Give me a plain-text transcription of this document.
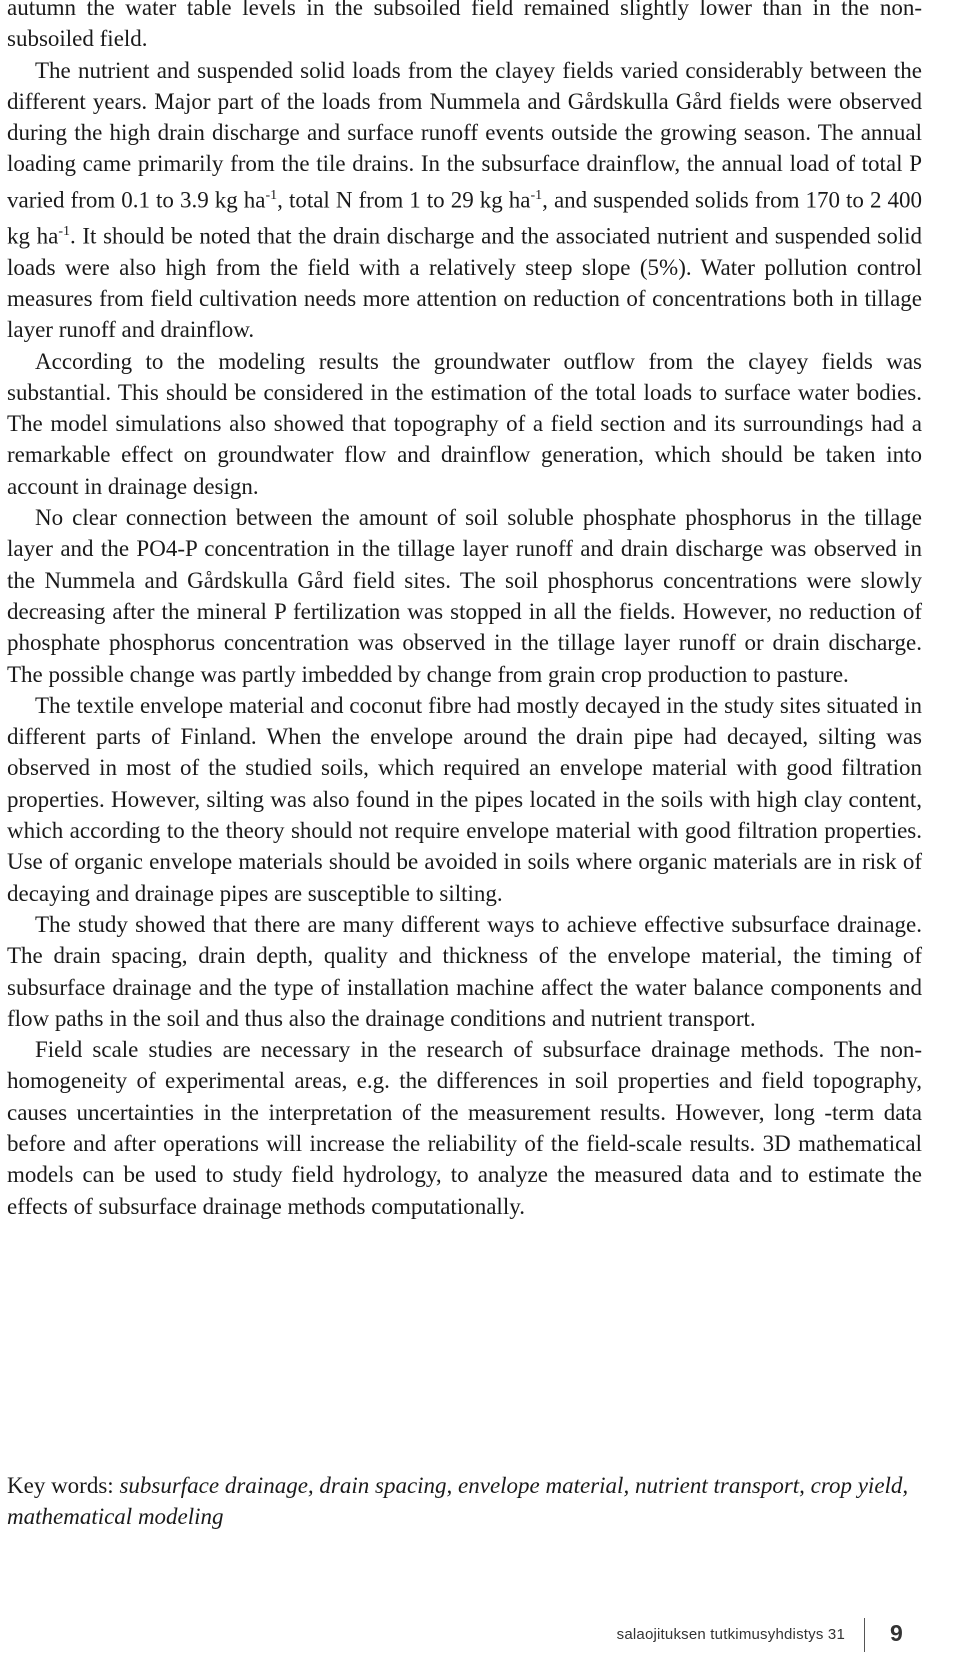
autumn the water table levels in the subsoiled field remained slightly lower than in the non-subsoiled field.

The nutrient and suspended solid loads from the clayey fields varied considerably between the different years. Major part of the loads from Nummela and Gårdskulla Gård fields were observed during the high drain discharge and surface runoff events outside the growing season. The annual loading came primarily from the tile drains. In the subsurface drainflow, the annual load of total P varied from 0.1 to 3.9 kg $ha^{-1}$, total N from 1 to 29 kg $ha^{-1}$, and suspended solids from 170 to 2 400 kg $ha^{-1}$. It should be noted that the drain discharge and the associated nutrient and suspended solid loads were also high from the field with a relatively steep slope (5%). Water pollution control measures from field cultivation needs more attention on reduction of concentrations both in tillage layer runoff and drainflow.

According to the modeling results the groundwater outflow from the clayey fields was substantial. This should be considered in the estimation of the total loads to surface water bodies. The model simulations also showed that topography of a field section and its surroundings had a remarkable effect on groundwater flow and drainflow generation, which should be taken into account in drainage design.

No clear connection between the amount of soil soluble phosphate phosphorus in the tillage layer and the PO4-P concentration in the tillage layer runoff and drain discharge was observed in the Nummela and Gårdskulla Gård field sites. The soil phosphorus concentrations were slowly decreasing after the mineral P fertilization was stopped in all the fields. However, no reduction of phosphate phosphorus concentration was observed in the tillage layer runoff or drain discharge. The possible change was partly imbedded by change from grain crop production to pasture.

The textile envelope material and coconut fibre had mostly decayed in the study sites situated in different parts of Finland. When the envelope around the drain pipe had decayed, silting was observed in most of the studied soils, which required an envelope material with good filtration properties. However, silting was also found in the pipes located in the soils with high clay content, which according to the theory should not require envelope material with good filtration properties. Use of organic envelope materials should be avoided in soils where organic materials are in risk of decaying and drainage pipes are susceptible to silting.

The study showed that there are many different ways to achieve effective subsurface drainage. The drain spacing, drain depth, quality and thickness of the envelope material, the timing of subsurface drainage and the type of installation machine affect the water balance components and flow paths in the soil and thus also the drainage conditions and nutrient transport.

Field scale studies are necessary in the research of subsurface drainage methods. The non-homogeneity of experimental areas, e.g. the differences in soil properties and field topography, causes uncertainties in the interpretation of the measurement results. However, long -term data before and after operations will increase the reliability of the field-scale results. 3D mathematical models can be used to study field hydrology, to analyze the measured data and to estimate the effects of subsurface drainage methods computationally.

Key words: subsurface drainage, drain spacing, envelope material, nutrient transport, crop yield, mathematical modeling
salaojituksen tutkimusyhdistys 31 9
